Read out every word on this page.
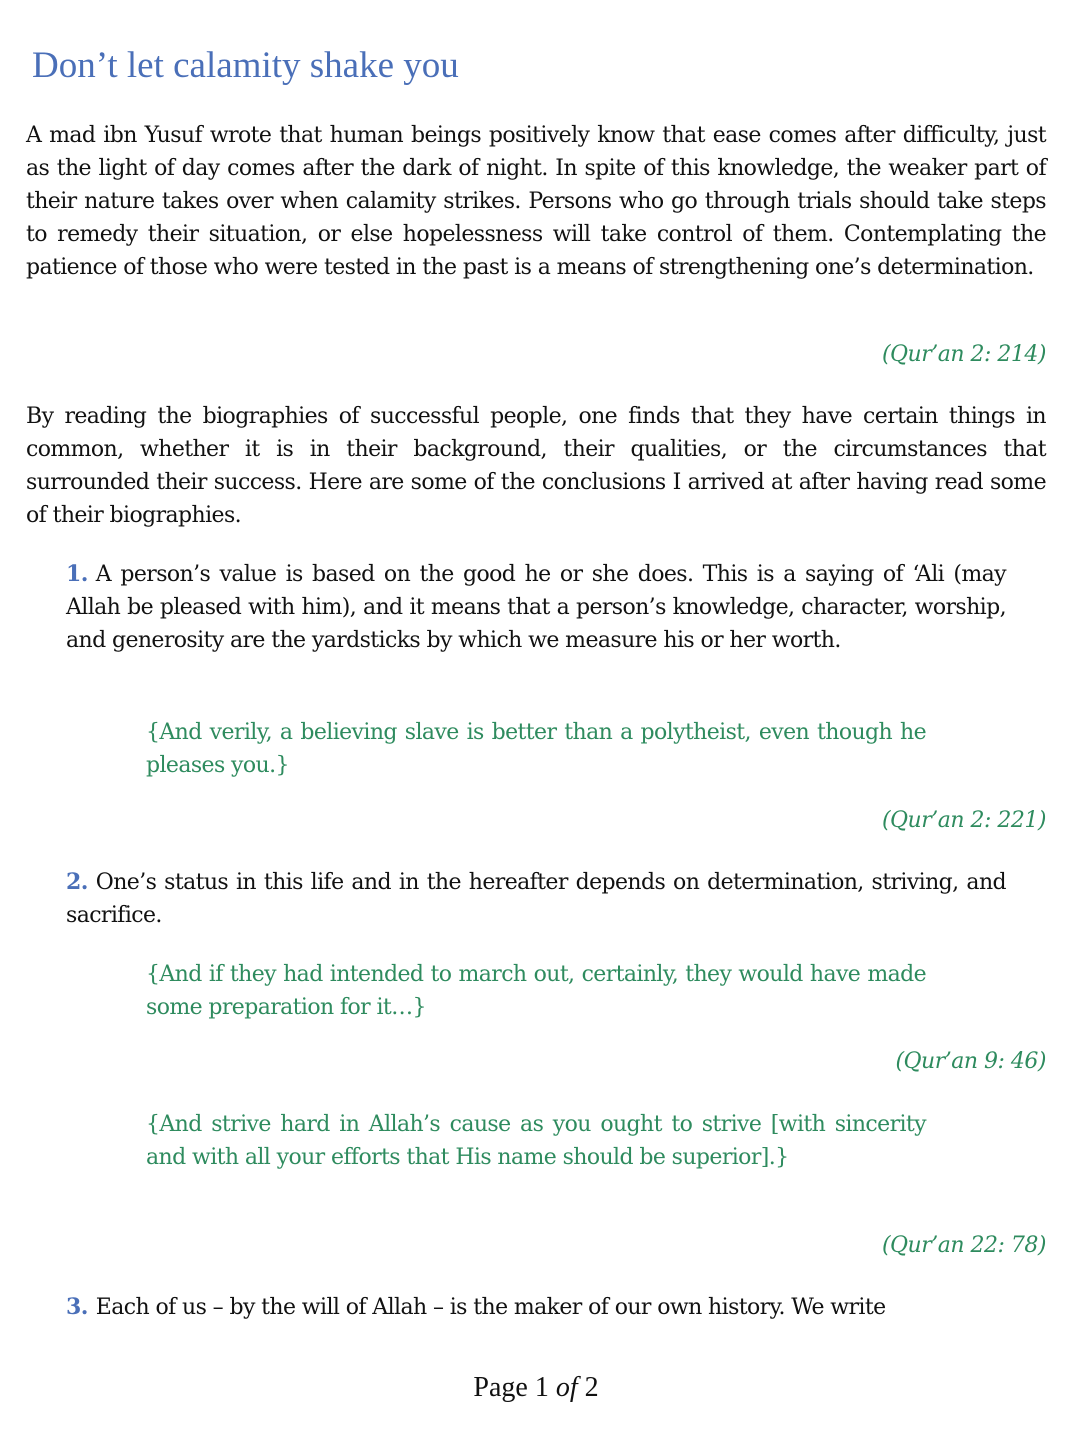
Don’t let calamity shake you

A mad ibn Yusuf wrote that human beings positively know that ease comes after difficulty, just as the light of day comes after the dark of night. In spite of this knowledge, the weaker part of their nature takes over when calamity strikes. Persons who go through trials should take steps to remedy their situation, or else hopelessness will take control of them. Contemplating the patience of those who were tested in the past is a means of strengthening one’s determination.

(Qur’an 2: 214)

By reading the biographies of successful people, one finds that they have certain things in common, whether it is in their background, their qualities, or the circumstances that surrounded their success. Here are some of the conclusions I arrived at after having read some of their biographies.

1. A person’s value is based on the good he or she does. This is a saying of ‘Ali (may Allah be pleased with him), and it means that a person’s knowledge, character, worship, and generosity are the yardsticks by which we measure his or her worth.

{And verily, a believing slave is better than a polytheist, even though he pleases you.}

(Qur’an 2: 221)

2. One’s status in this life and in the hereafter depends on determination, striving, and sacrifice.

{And if they had intended to march out, certainly, they would have made some preparation for it…}

(Qur’an 9: 46)

{And strive hard in Allah’s cause as you ought to strive [with sincerity and with all your efforts that His name should be superior].}

(Qur’an 22: 78)

3. Each of us – by the will of Allah – is the maker of our own history. We write

Page 1 of 2
